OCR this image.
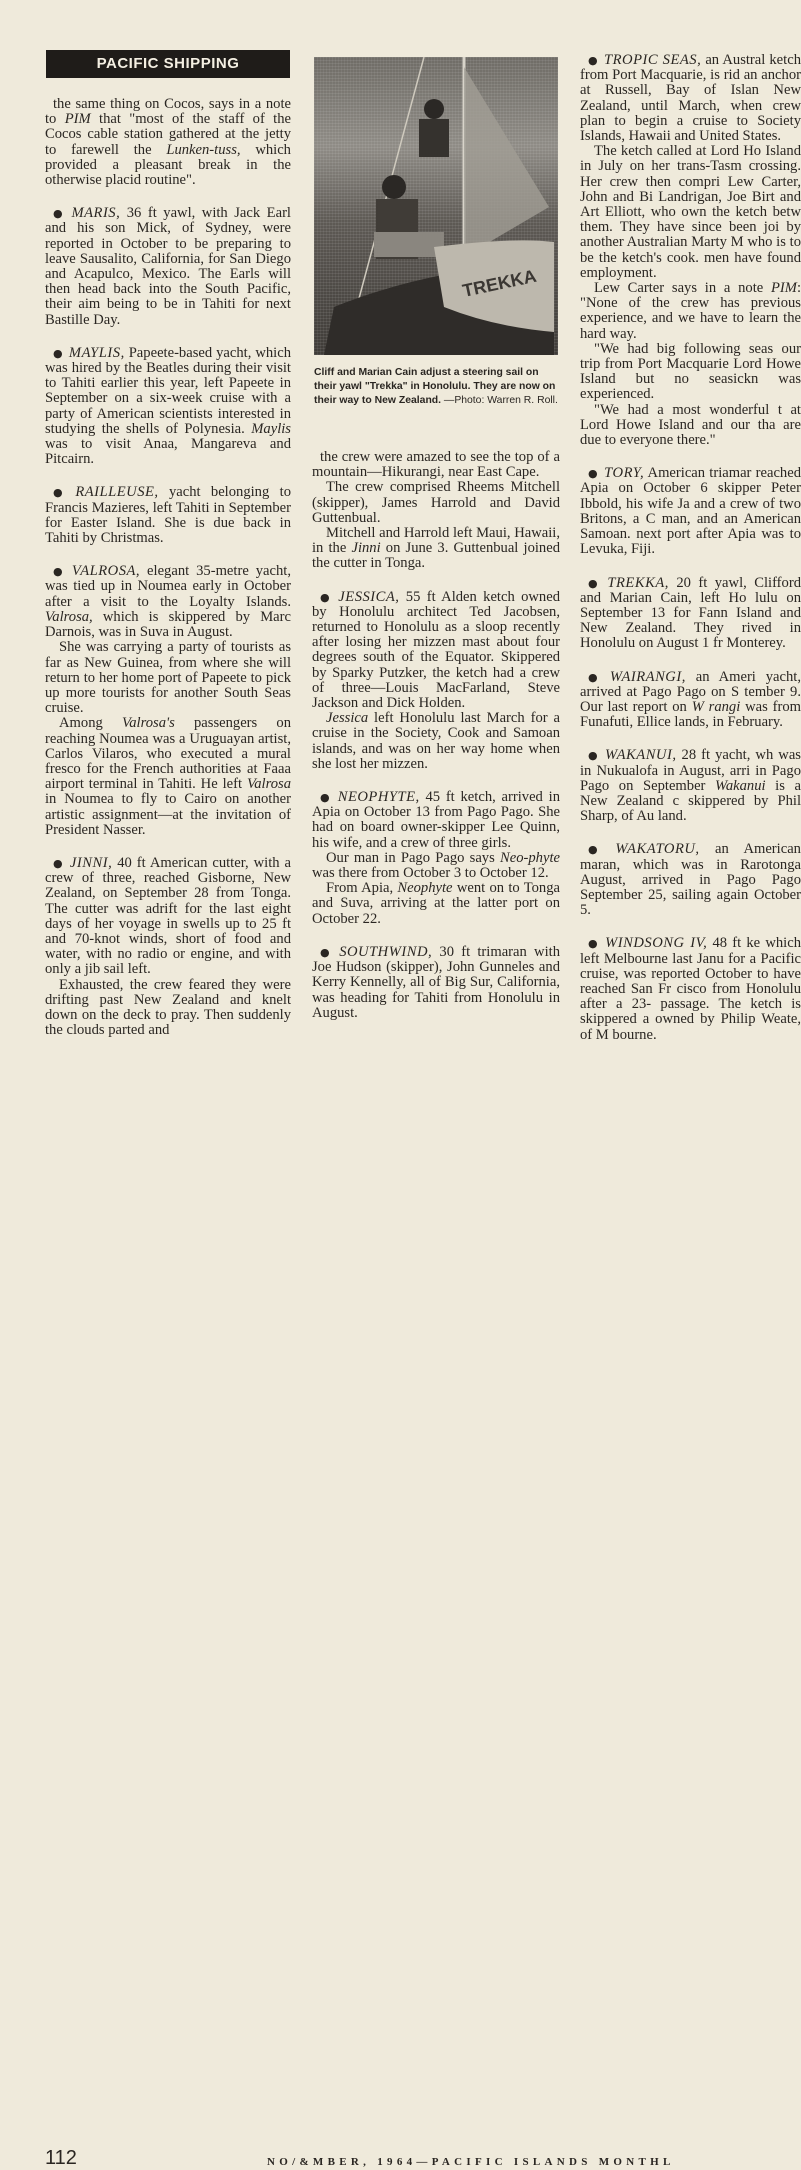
PACIFIC SHIPPING

the same thing on Cocos, says in a note to PIM that "most of the staff of the Cocos cable station gathered at the jetty to farewell the Lunken-tuss, which provided a pleasant break in the otherwise placid routine".

● MARIS, 36 ft yawl, with Jack Earl and his son Mick, of Sydney, were reported in October to be preparing to leave Sausalito, California, for San Diego and Acapulco, Mexico. The Earls will then head back into the South Pacific, their aim being to be in Tahiti for next Bastille Day.

● MAYLIS, Papeete-based yacht, which was hired by the Beatles during their visit to Tahiti earlier this year, left Papeete in September on a six-week cruise with a party of American scientists interested in studying the shells of Polynesia. Maylis was to visit Anaa, Mangareva and Pitcairn.

● RAILLEUSE, yacht belonging to Francis Mazieres, left Tahiti in September for Easter Island. She is due back in Tahiti by Christmas.

● VALROSA, elegant 35-metre yacht, was tied up in Noumea early in October after a visit to the Loyalty Islands. Valrosa, which is skippered by Marc Darnois, was in Suva in August.

She was carrying a party of tourists as far as New Guinea, from where she will return to her home port of Papeete to pick up more tourists for another South Seas cruise.

Among Valrosa's passengers on reaching Noumea was a Uruguayan artist, Carlos Vilaros, who executed a mural fresco for the French authorities at Faaa airport terminal in Tahiti. He left Valrosa in Noumea to fly to Cairo on another artistic assignment—at the invitation of President Nasser.

● JINNI, 40 ft American cutter, with a crew of three, reached Gisborne, New Zealand, on September 28 from Tonga. The cutter was adrift for the last eight days of her voyage in swells up to 25 ft and 70-knot winds, short of food and water, with no radio or engine, and with only a jib sail left.

Exhausted, the crew feared they were drifting past New Zealand and knelt down on the deck to pray. Then suddenly the clouds parted and

TREKKA
Cliff and Marian Cain adjust a steering sail on their yawl "Trekka" in Honolulu. They are now on their way to New Zealand. —Photo: Warren R. Roll.

the crew were amazed to see the top of a mountain—Hikurangi, near East Cape.

The crew comprised Rheems Mitchell (skipper), James Harrold and David Guttenbual.

Mitchell and Harrold left Maui, Hawaii, in the Jinni on June 3. Guttenbual joined the cutter in Tonga.

● JESSICA, 55 ft Alden ketch owned by Honolulu architect Ted Jacobsen, returned to Honolulu as a sloop recently after losing her mizzen mast about four degrees south of the Equator. Skippered by Sparky Putzker, the ketch had a crew of three—Louis MacFarland, Steve Jackson and Dick Holden.

Jessica left Honolulu last March for a cruise in the Society, Cook and Samoan islands, and was on her way home when she lost her mizzen.

● NEOPHYTE, 45 ft ketch, arrived in Apia on October 13 from Pago Pago. She had on board owner-skipper Lee Quinn, his wife, and a crew of three girls.

Our man in Pago Pago says Neo-phyte was there from October 3 to October 12.

From Apia, Neophyte went on to Tonga and Suva, arriving at the latter port on October 22.

● SOUTHWIND, 30 ft trimaran with Joe Hudson (skipper), John Gunneles and Kerry Kennelly, all of Big Sur, California, was heading for Tahiti from Honolulu in August.

● TROPIC SEAS, an Austral ketch from Port Macquarie, is rid an anchor at Russell, Bay of Islan New Zealand, until March, when crew plan to begin a cruise to Society Islands, Hawaii and United States.

The ketch called at Lord Ho Island in July on her trans-Tasm crossing. Her crew then compri Lew Carter, John and Bi Landrigan, Joe Birt and Art Elliott, who own the ketch betw them. They have since been joi by another Australian Marty M who is to be the ketch's cook. men have found employment.

Lew Carter says in a note PIM: "None of the crew has previous experience, and we have to learn the hard way.

"We had big following seas our trip from Port Macquarie Lord Howe Island but no seasickn was experienced.

"We had a most wonderful t at Lord Howe Island and our tha are due to everyone there."

● TORY, American triamar reached Apia on October 6 skipper Peter Ibbold, his wife Ja and a crew of two Britons, a C man, and an American Samoan. next port after Apia was to Levuka, Fiji.

● TREKKA, 20 ft yawl, Clifford and Marian Cain, left Ho lulu on September 13 for Fann Island and New Zealand. They rived in Honolulu on August 1 fr Monterey.

● WAIRANGI, an Ameri yacht, arrived at Pago Pago on S tember 9. Our last report on W rangi was from Funafuti, Ellice lands, in February.

● WAKANUI, 28 ft yacht, wh was in Nukualofa in August, arri in Pago Pago on September Wakanui is a New Zealand c skippered by Phil Sharp, of Au land.

● WAKATORU, an American maran, which was in Rarotonga August, arrived in Pago Pago September 25, sailing again October 5.

● WINDSONG IV, 48 ft ke which left Melbourne last Janu for a Pacific cruise, was reported October to have reached San Fr cisco from Honolulu after a 23- passage. The ketch is skippered a owned by Philip Weate, of M bourne.

112	NO/&MBER, 1964—PACIFIC ISLANDS MONTHL
